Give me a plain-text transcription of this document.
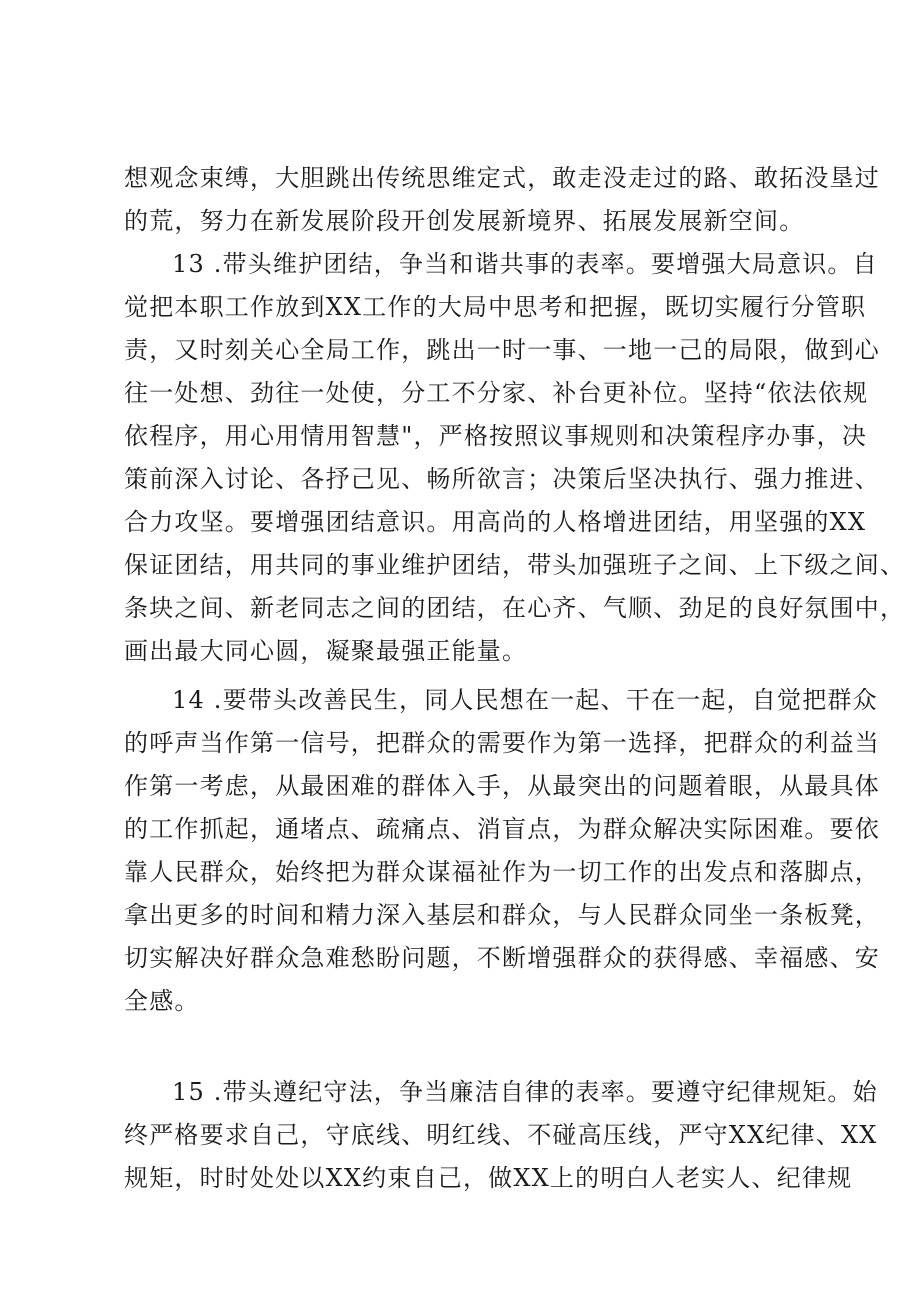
想观念束缚，大胆跳出传统思维定式，敢走没走过的路、敢拓没垦过
的荒，努力在新发展阶段开创发展新境界、拓展发展新空间。
13 .带头维护团结，争当和谐共事的表率。要增强大局意识。自
觉把本职工作放到XX工作的大局中思考和把握，既切实履行分管职
责，又时刻关心全局工作，跳出一时一事、一地一己的局限，做到心
往一处想、劲往一处使，分工不分家、补台更补位。坚持“依法依规
依程序，用心用情用智慧"，严格按照议事规则和决策程序办事，决
策前深入讨论、各抒己见、畅所欲言；决策后坚决执行、强力推进、
合力攻坚。要增强团结意识。用高尚的人格增进团结，用坚强的XX
保证团结，用共同的事业维护团结，带头加强班子之间、上下级之间、
条块之间、新老同志之间的团结，在心齐、气顺、劲足的良好氛围中，
画出最大同心圆，凝聚最强正能量。
14 .要带头改善民生，同人民想在一起、干在一起，自觉把群众
的呼声当作第一信号，把群众的需要作为第一选择，把群众的利益当
作第一考虑，从最困难的群体入手，从最突出的问题着眼，从最具体
的工作抓起，通堵点、疏痛点、消盲点，为群众解决实际困难。要依
靠人民群众，始终把为群众谋福祉作为一切工作的出发点和落脚点，
拿出更多的时间和精力深入基层和群众，与人民群众同坐一条板凳，
切实解决好群众急难愁盼问题，不断增强群众的获得感、幸福感、安
全感。
15 .带头遵纪守法，争当廉洁自律的表率。要遵守纪律规矩。始
终严格要求自己，守底线、明红线、不碰高压线，严守XX纪律、XX
规矩，时时处处以XX约束自己，做XX上的明白人老实人、纪律规
